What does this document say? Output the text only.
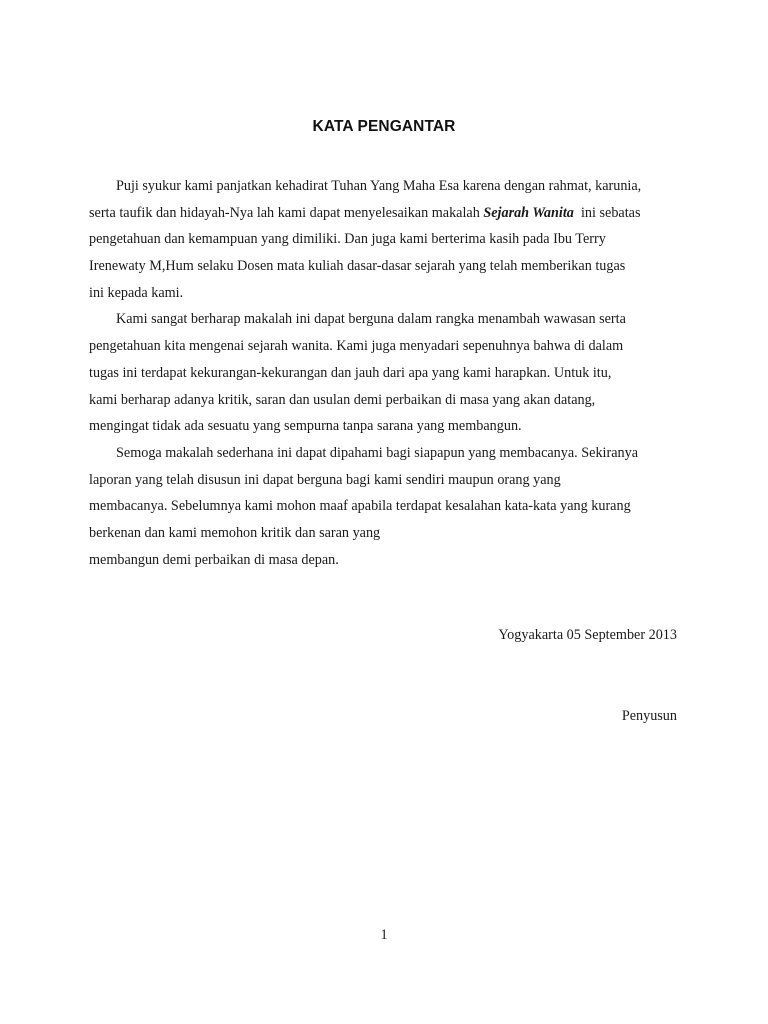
KATA PENGANTAR
Puji syukur kami panjatkan kehadirat Tuhan Yang Maha Esa karena dengan rahmat, karunia,
serta taufik dan hidayah-Nya lah kami dapat menyelesaikan makalah Sejarah Wanita  ini sebatas
pengetahuan dan kemampuan yang dimiliki. Dan juga kami berterima kasih pada Ibu Terry
Irenewaty M,Hum selaku Dosen mata kuliah dasar-dasar sejarah yang telah memberikan tugas
ini kepada kami.
Kami sangat berharap makalah ini dapat berguna dalam rangka menambah wawasan serta
pengetahuan kita mengenai sejarah wanita. Kami juga menyadari sepenuhnya bahwa di dalam
tugas ini terdapat kekurangan-kekurangan dan jauh dari apa yang kami harapkan. Untuk itu,
kami berharap adanya kritik, saran dan usulan demi perbaikan di masa yang akan datang,
mengingat tidak ada sesuatu yang sempurna tanpa sarana yang membangun.
Semoga makalah sederhana ini dapat dipahami bagi siapapun yang membacanya. Sekiranya
laporan yang telah disusun ini dapat berguna bagi kami sendiri maupun orang yang
membacanya. Sebelumnya kami mohon maaf apabila terdapat kesalahan kata-kata yang kurang
berkenan dan kami memohon kritik dan saran yang
membangun demi perbaikan di masa depan.
Yogyakarta 05 September 2013
Penyusun
1
